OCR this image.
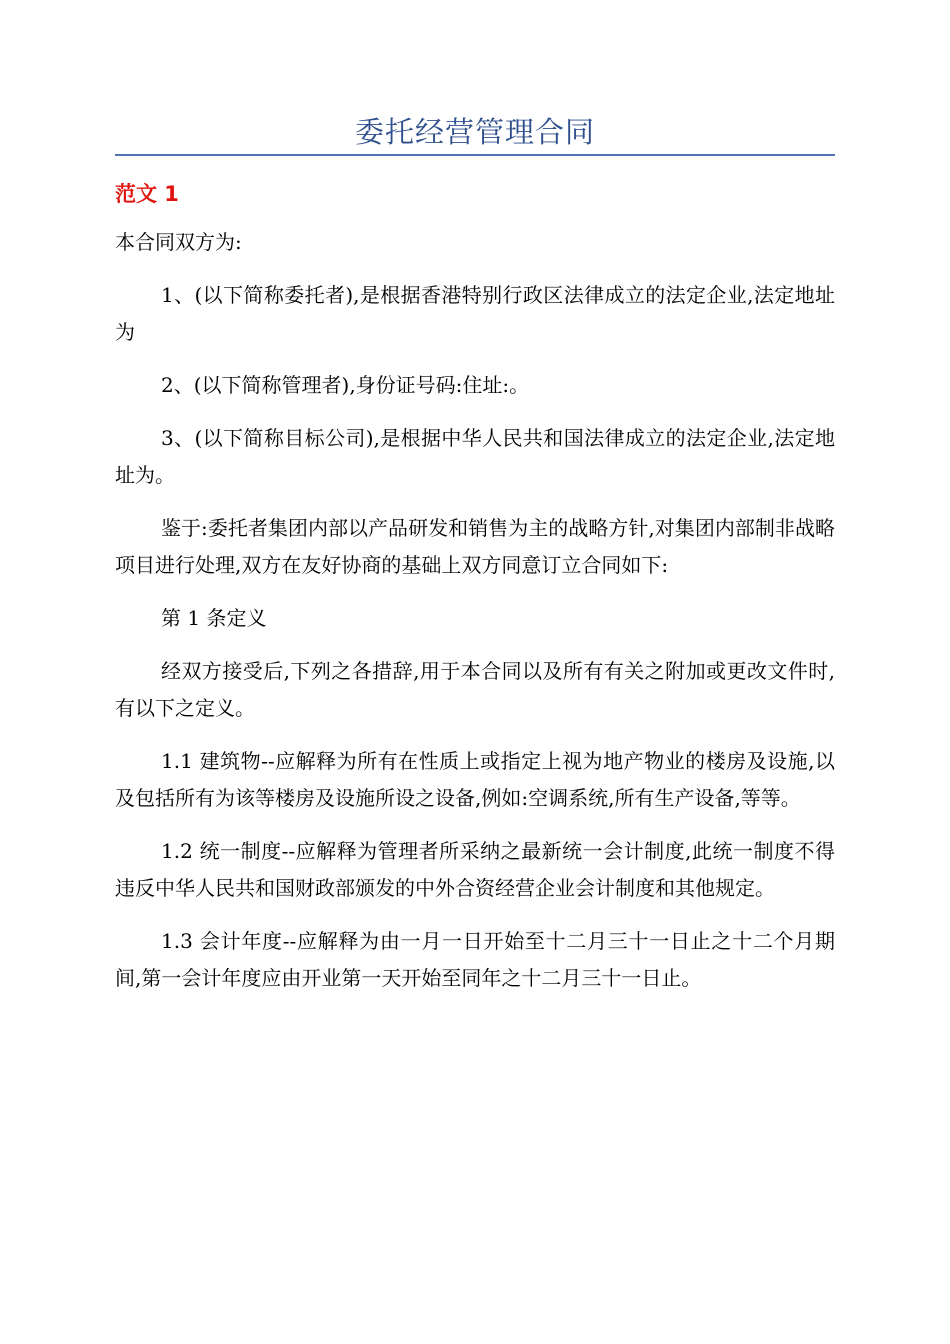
委托经营管理合同
范文 1

本合同双方为:

1、(以下简称委托者),是根据香港特别行政区法律成立的法定企业,法定地址为

2、(以下简称管理者),身份证号码:住址:。

3、(以下简称目标公司),是根据中华人民共和国法律成立的法定企业,法定地址为。

鉴于:委托者集团内部以产品研发和销售为主的战略方针,对集团内部制非战略项目进行处理,双方在友好协商的基础上双方同意订立合同如下:

第 1 条定义

经双方接受后,下列之各措辞,用于本合同以及所有有关之附加或更改文件时,有以下之定义。

1.1 建筑物--应解释为所有在性质上或指定上视为地产物业的楼房及设施,以及包括所有为该等楼房及设施所设之设备,例如:空调系统,所有生产设备,等等。

1.2 统一制度--应解释为管理者所采纳之最新统一会计制度,此统一制度不得违反中华人民共和国财政部颁发的中外合资经营企业会计制度和其他规定。

1.3 会计年度--应解释为由一月一日开始至十二月三十一日止之十二个月期间,第一会计年度应由开业第一天开始至同年之十二月三十一日止。
